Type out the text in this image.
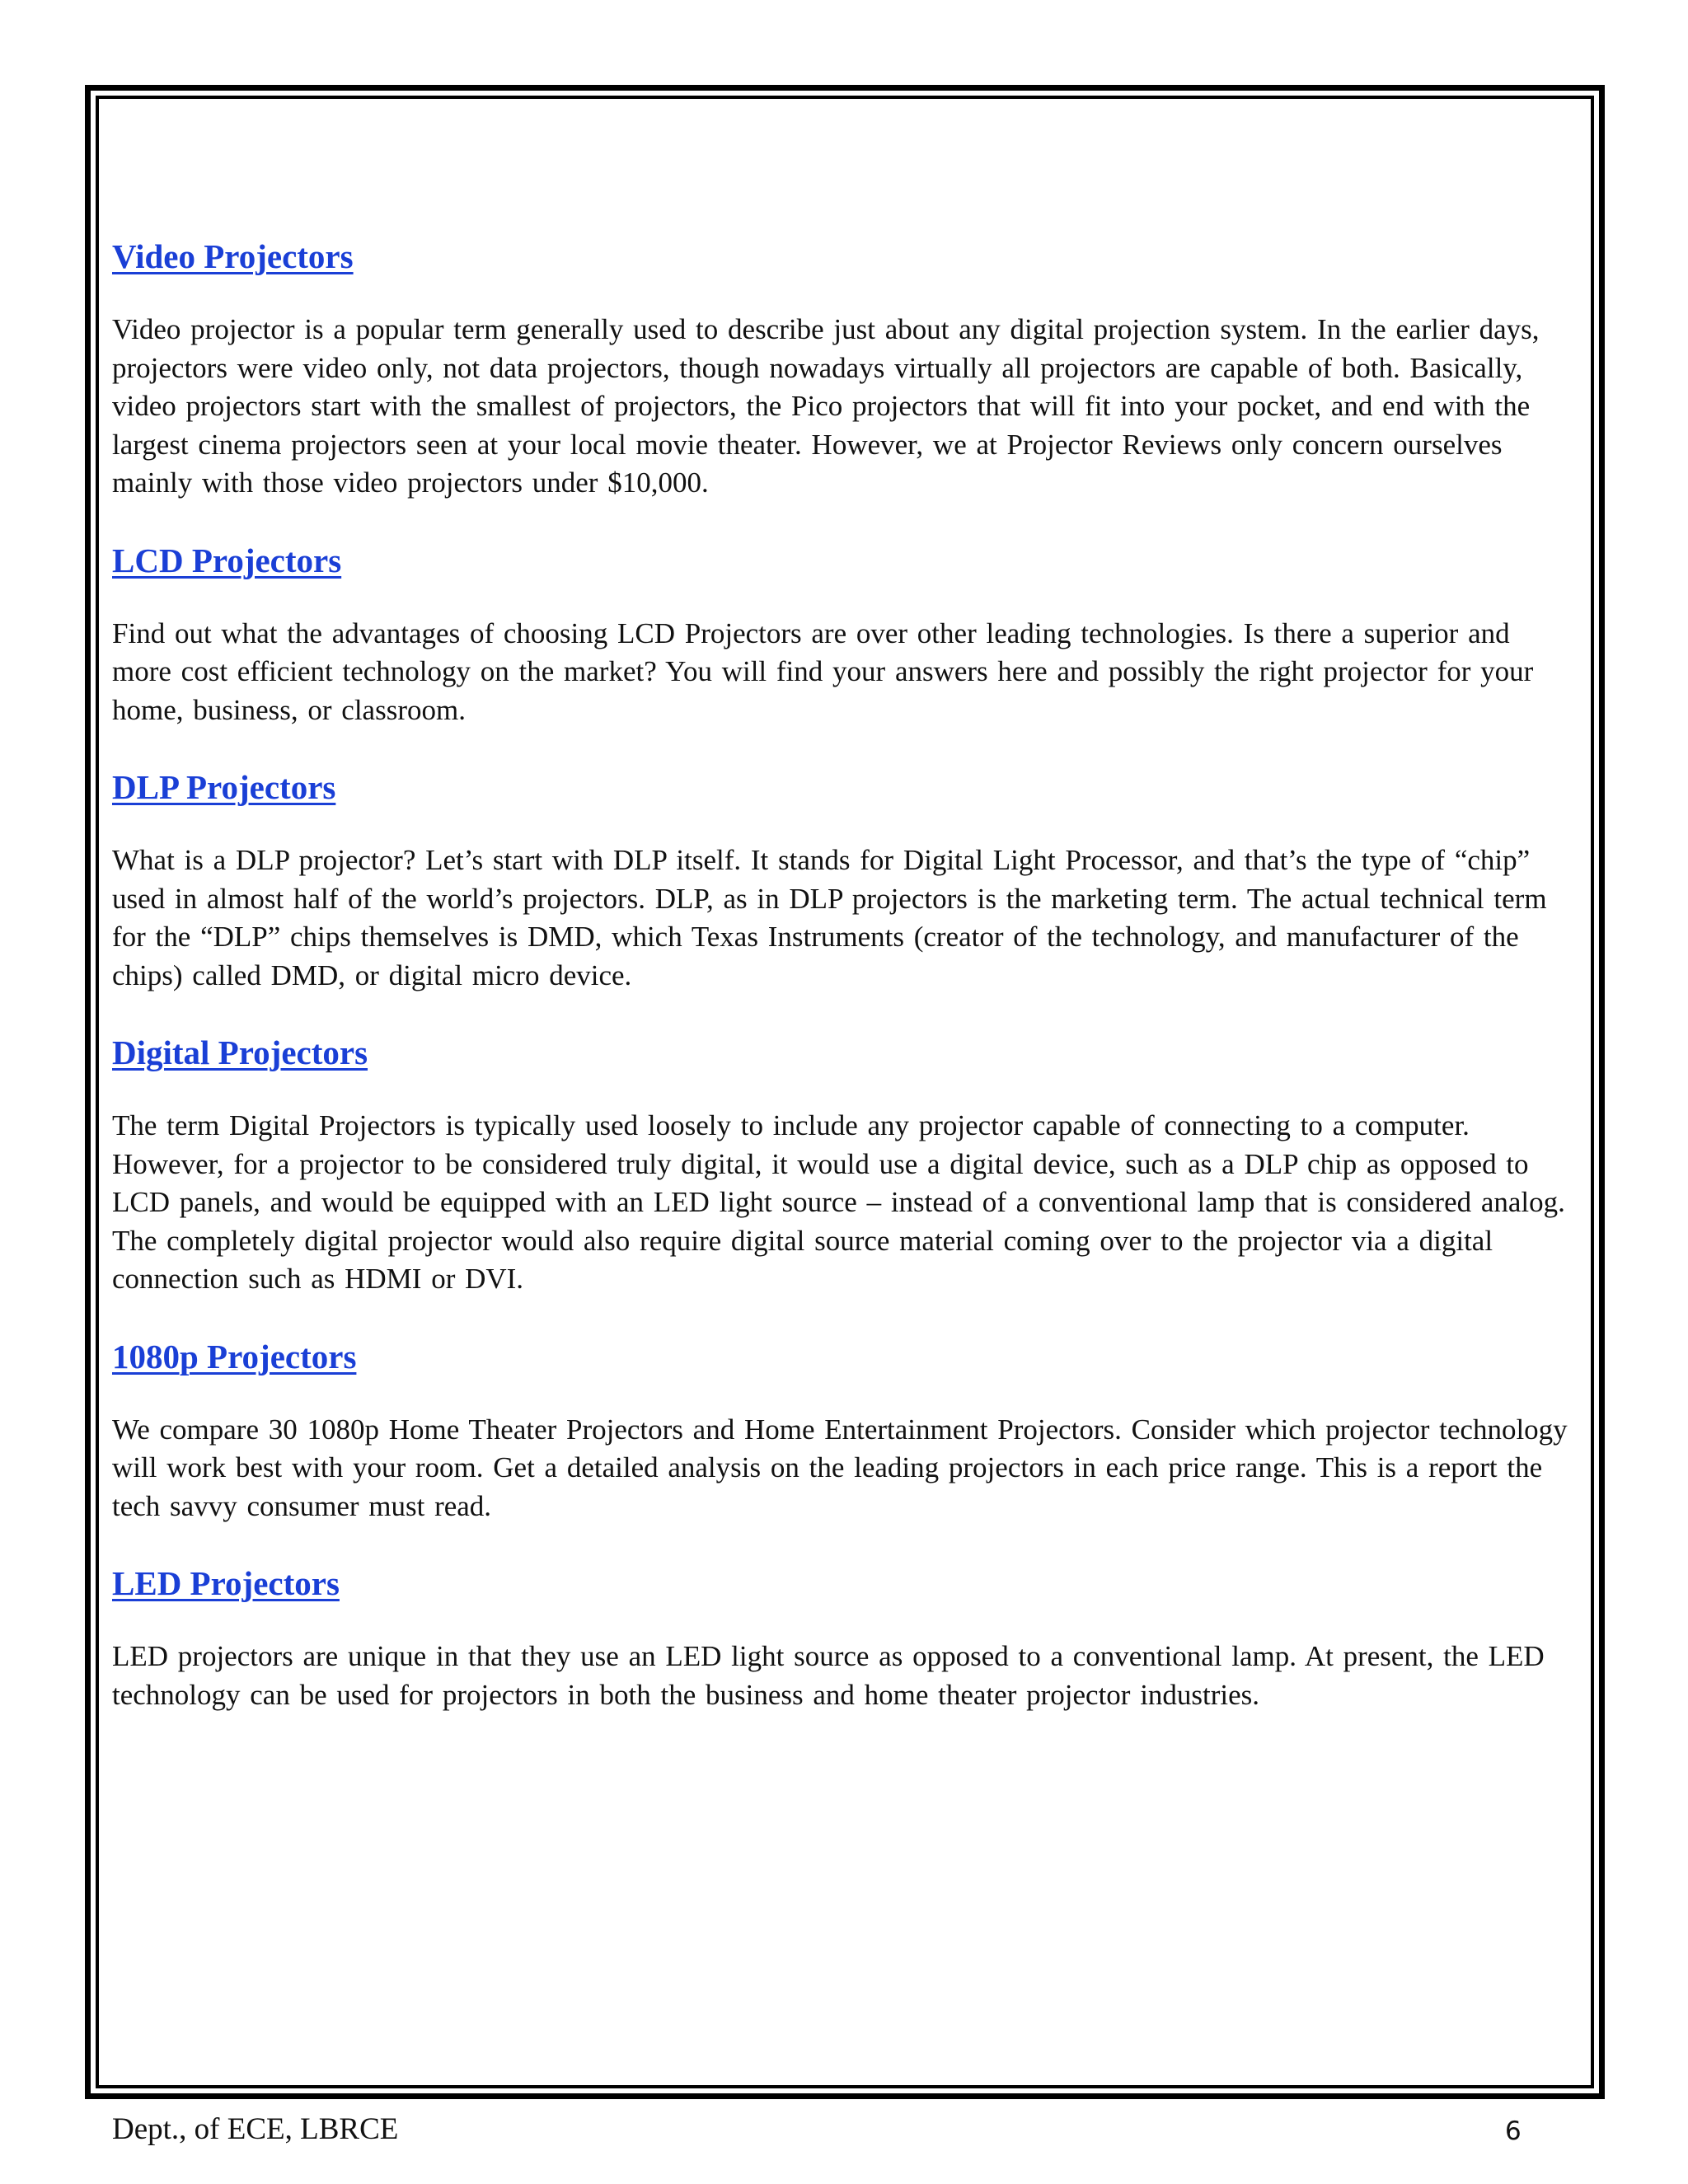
Video Projectors

Video projector is a popular term generally used to describe just about any digital projection system. In the earlier days, projectors were video only, not data projectors, though nowadays virtually all projectors are capable of both. Basically, video projectors start with the smallest of projectors, the Pico projectors that will fit into your pocket, and end with the largest cinema projectors seen at your local movie theater. However, we at Projector Reviews only concern ourselves mainly with those video projectors under $10,000.

LCD Projectors

Find out what the advantages of choosing LCD Projectors are over other leading technologies. Is there a superior and more cost efficient technology on the market? You will find your answers here and possibly the right projector for your home, business, or classroom.

DLP Projectors

What is a DLP projector? Let’s start with DLP itself. It stands for Digital Light Processor, and that’s the type of “chip” used in almost half of the world’s projectors. DLP, as in DLP projectors is the marketing term. The actual technical term for the “DLP” chips themselves is DMD, which Texas Instruments (creator of the technology, and manufacturer of the chips) called DMD, or digital micro device.

Digital Projectors

The term Digital Projectors is typically used loosely to include any projector capable of connecting to a computer. However, for a projector to be considered truly digital, it would use a digital device, such as a DLP chip as opposed to LCD panels, and would be equipped with an LED light source – instead of a conventional lamp that is considered analog. The completely digital projector would also require digital source material coming over to the projector via a digital connection such as HDMI or DVI.

1080p Projectors

We compare 30 1080p Home Theater Projectors and Home Entertainment Projectors. Consider which projector technology will work best with your room. Get a detailed analysis on the leading projectors in each price range. This is a report the tech savvy consumer must read.

LED Projectors

LED projectors are unique in that they use an LED light source as opposed to a conventional lamp. At present, the LED technology can be used for projectors in both the business and home theater projector industries.

Dept., of ECE, LBRCE	6
